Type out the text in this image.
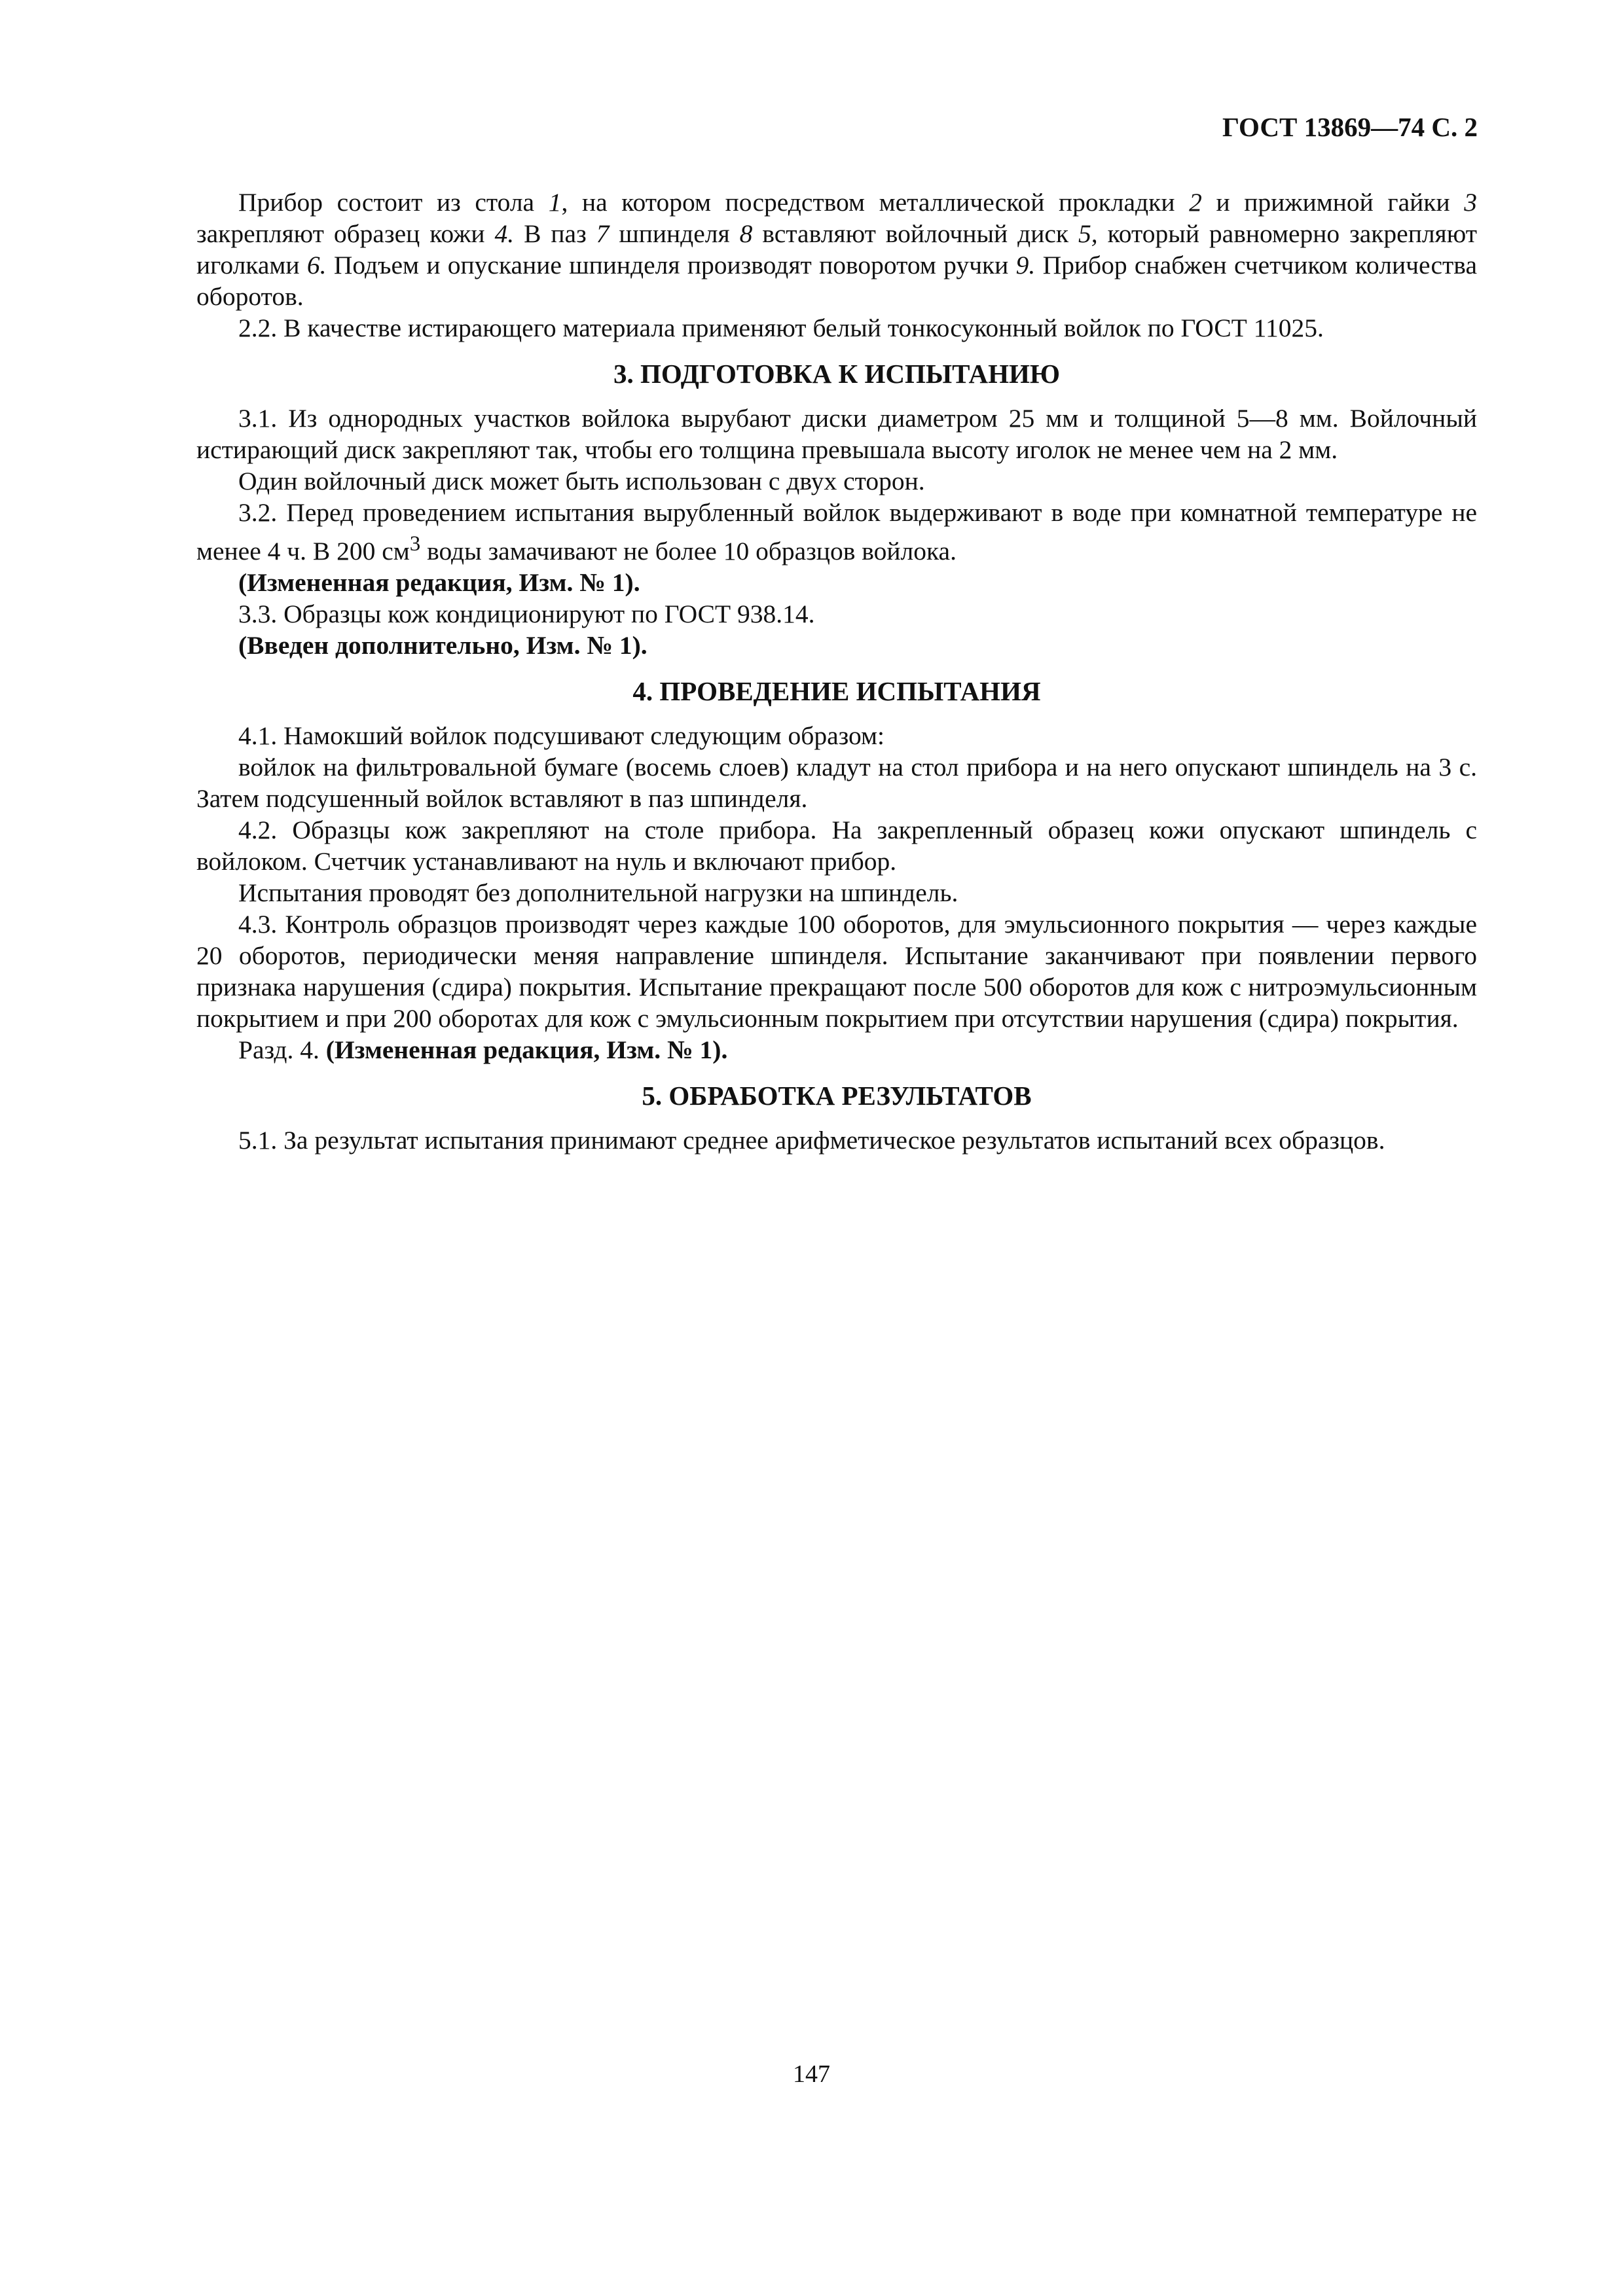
ГОСТ 13869—74 С. 2

Прибор состоит из стола 1, на котором посредством металлической прокладки 2 и прижимной гайки 3 закрепляют образец кожи 4. В паз 7 шпинделя 8 вставляют войлочный диск 5, который равномерно закрепляют иголками 6. Подъем и опускание шпинделя производят поворотом ручки 9. Прибор снабжен счетчиком количества оборотов.

2.2. В качестве истирающего материала применяют белый тонкосуконный войлок по ГОСТ 11025.

3. ПОДГОТОВКА К ИСПЫТАНИЮ

3.1. Из однородных участков войлока вырубают диски диаметром 25 мм и толщиной 5—8 мм. Войлочный истирающий диск закрепляют так, чтобы его толщина превышала высоту иголок не менее чем на 2 мм.

Один войлочный диск может быть использован с двух сторон.

3.2. Перед проведением испытания вырубленный войлок выдерживают в воде при комнатной температуре не менее 4 ч. В 200 $см^3$ воды замачивают не более 10 образцов войлока.

(Измененная редакция, Изм. № 1).

3.3. Образцы кож кондиционируют по ГОСТ 938.14.

(Введен дополнительно, Изм. № 1).

4. ПРОВЕДЕНИЕ ИСПЫТАНИЯ

4.1. Намокший войлок подсушивают следующим образом:

войлок на фильтровальной бумаге (восемь слоев) кладут на стол прибора и на него опускают шпиндель на 3 с. Затем подсушенный войлок вставляют в паз шпинделя.

4.2. Образцы кож закрепляют на столе прибора. На закрепленный образец кожи опускают шпиндель с войлоком. Счетчик устанавливают на нуль и включают прибор.

Испытания проводят без дополнительной нагрузки на шпиндель.

4.3. Контроль образцов производят через каждые 100 оборотов, для эмульсионного покрытия — через каждые 20 оборотов, периодически меняя направление шпинделя. Испытание заканчивают при появлении первого признака нарушения (сдира) покрытия. Испытание прекращают после 500 оборотов для кож с нитроэмульсионным покрытием и при 200 оборотах для кож с эмульсионным покрытием при отсутствии нарушения (сдира) покрытия.

Разд. 4. (Измененная редакция, Изм. № 1).

5. ОБРАБОТКА РЕЗУЛЬТАТОВ

5.1. За результат испытания принимают среднее арифметическое результатов испытаний всех образцов.

147
